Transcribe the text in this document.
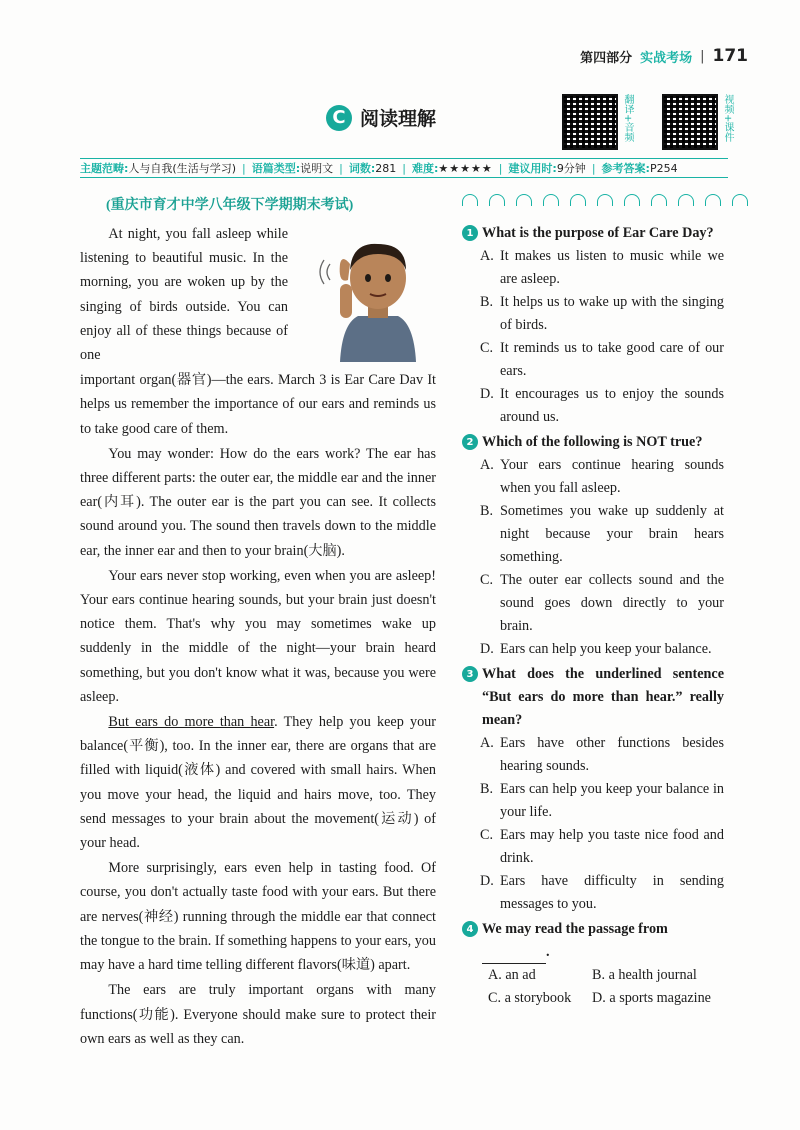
第四部分 实战考场 | 171
C 阅读理解
翻译+音频
视频+课件
主题范畴:人与自我(生活与学习) | 语篇类型:说明文 | 词数:281 | 难度:★★★★★ | 建议用时:9分钟 | 参考答案:P254
(重庆市育才中学八年级下学期期末考试)

At night, you fall asleep while listening to beautiful music. In the morning, you are woken up by the singing of birds outside. You can enjoy all of these things because of one

important organ(器官)—the ears. March 3 is Ear Care Dav It helps us remember the importance of our ears and reminds us to take good care of them.

You may wonder: How do the ears work? The ear has three different parts: the outer ear, the middle ear and the inner ear(内耳). The outer ear is the part you can see. It collects sound around you. The sound then travels down to the middle ear, the inner ear and then to your brain(大脑).

Your ears never stop working, even when you are asleep! Your ears continue hearing sounds, but your brain just doesn't notice them. That's why you may sometimes wake up suddenly in the middle of the night—your brain heard something, but you don't know what it was, because you were asleep.

But ears do more than hear. They help you keep your balance(平衡), too. In the inner ear, there are organs that are filled with liquid(液体) and covered with small hairs. When you move your head, the liquid and hairs move, too. They send messages to your brain about the movement(运动) of your head.

More surprisingly, ears even help in tasting food. Of course, you don't actually taste food with your ears. But there are nerves(神经) running through the middle ear that connect the tongue to the brain. If something happens to your ears, you may have a hard time telling different flavors(味道) apart.

The ears are truly important organs with many functions(功能). Everyone should make sure to protect their own ears as well as they can.

1 What is the purpose of Ear Care Day?
A. It makes us listen to music while we are asleep.
B. It helps us to wake up with the singing of birds.
C. It reminds us to take good care of our ears.
D. It encourages us to enjoy the sounds around us.
2 Which of the following is NOT true?
A. Your ears continue hearing sounds when you fall asleep.
B. Sometimes you wake up suddenly at night because your brain hears something.
C. The outer ear collects sound and the sound goes down directly to your brain.
D. Ears can help you keep your balance.
3 What does the underlined sentence “But ears do more than hear.” really mean?
A. Ears have other functions besides hearing sounds.
B. Ears can help you keep your balance in your life.
C. Ears may help you taste nice food and drink.
D. Ears have difficulty in sending messages to you.
4 We may read the passage from
.
A. an ad	B. a health journal
C. a storybook	D. a sports magazine
